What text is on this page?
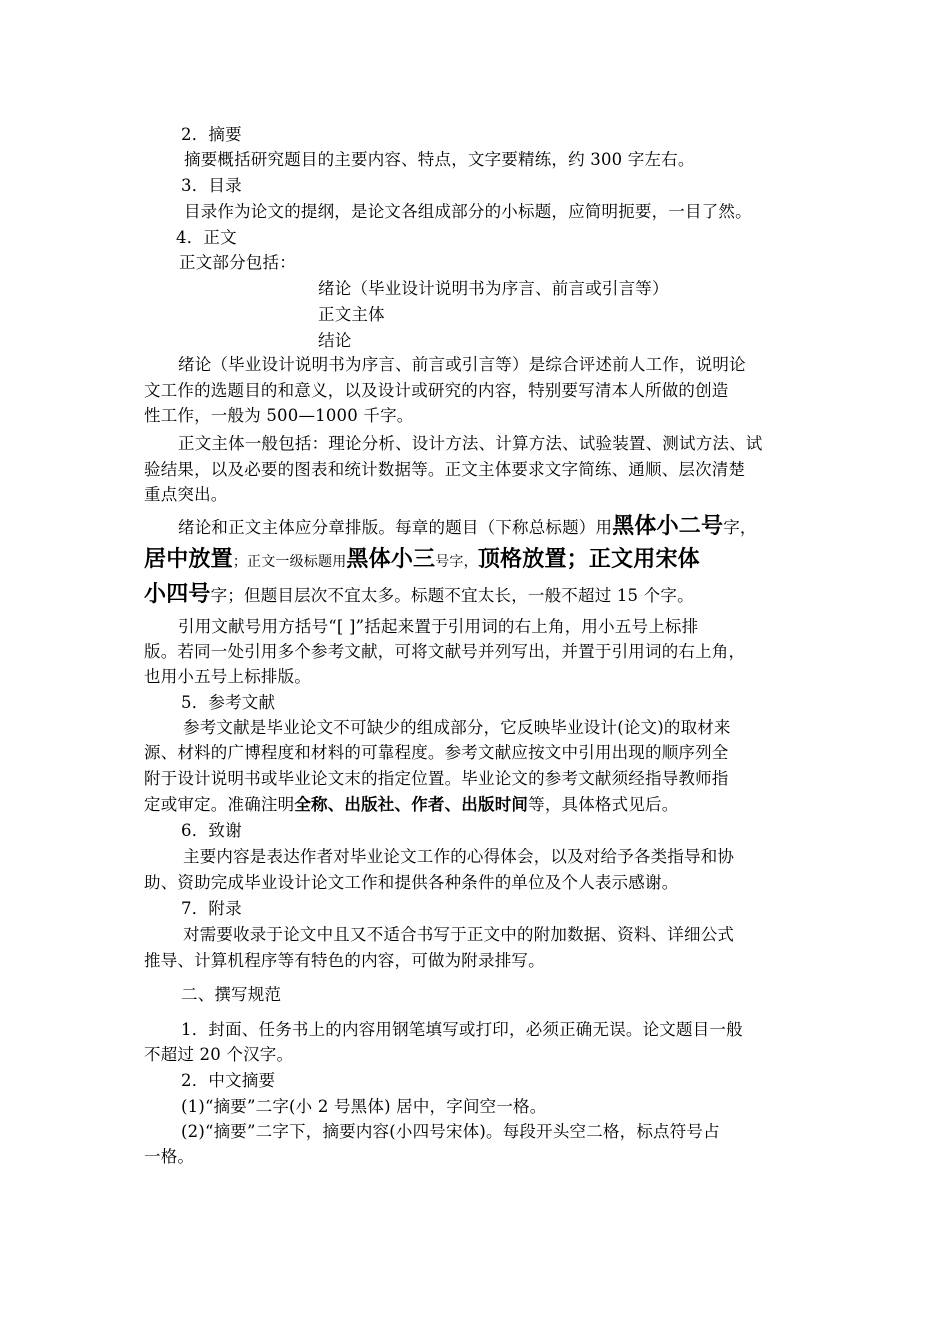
2．摘要
摘要概括研究题目的主要内容、特点，文字要精练，约 300 字左右。
3．目录
目录作为论文的提纲，是论文各组成部分的小标题，应简明扼要，一目了然。
4．正文
正文部分包括：
绪论（毕业设计说明书为序言、前言或引言等）
正文主体
结论
绪论（毕业设计说明书为序言、前言或引言等）是综合评述前人工作，说明论
文工作的选题目的和意义，以及设计或研究的内容，特别要写清本人所做的创造
性工作，一般为 500—1000 千字。
正文主体一般包括：理论分析、设计方法、计算方法、试验装置、测试方法、试
验结果，以及必要的图表和统计数据等。正文主体要求文字简练、通顺、层次清楚
重点突出。
绪论和正文主体应分章排版。每章的题目（下称总标题）用黑体小二号字，
居中放置；正文一级标题用黑体小三号字，顶格放置；正文用宋体
小四号字；但题目层次不宜太多。标题不宜太长，一般不超过 15 个字。
引用文献号用方括号“[ ]”括起来置于引用词的右上角，用小五号上标排
版。若同一处引用多个参考文献，可将文献号并列写出，并置于引用词的右上角，
也用小五号上标排版。
5．参考文献
参考文献是毕业论文不可缺少的组成部分，它反映毕业设计(论文)的取材来
源、材料的广博程度和材料的可靠程度。参考文献应按文中引用出现的顺序列全
附于设计说明书或毕业论文末的指定位置。毕业论文的参考文献须经指导教师指
定或审定。准确注明全称、出版社、作者、出版时间等，具体格式见后。
6．致谢
主要内容是表达作者对毕业论文工作的心得体会，以及对给予各类指导和协
助、资助完成毕业设计论文工作和提供各种条件的单位及个人表示感谢。
7．附录
对需要收录于论文中且又不适合书写于正文中的附加数据、资料、详细公式
推导、计算机程序等有特色的内容，可做为附录排写。
二、撰写规范
1．封面、任务书上的内容用钢笔填写或打印，必须正确无误。论文题目一般
不超过 20 个汉字。
2．中文摘要
(1)“摘要”二字(小 2 号黑体) 居中，字间空一格。
(2)“摘要”二字下，摘要内容(小四号宋体)。每段开头空二格，标点符号占
一格。
